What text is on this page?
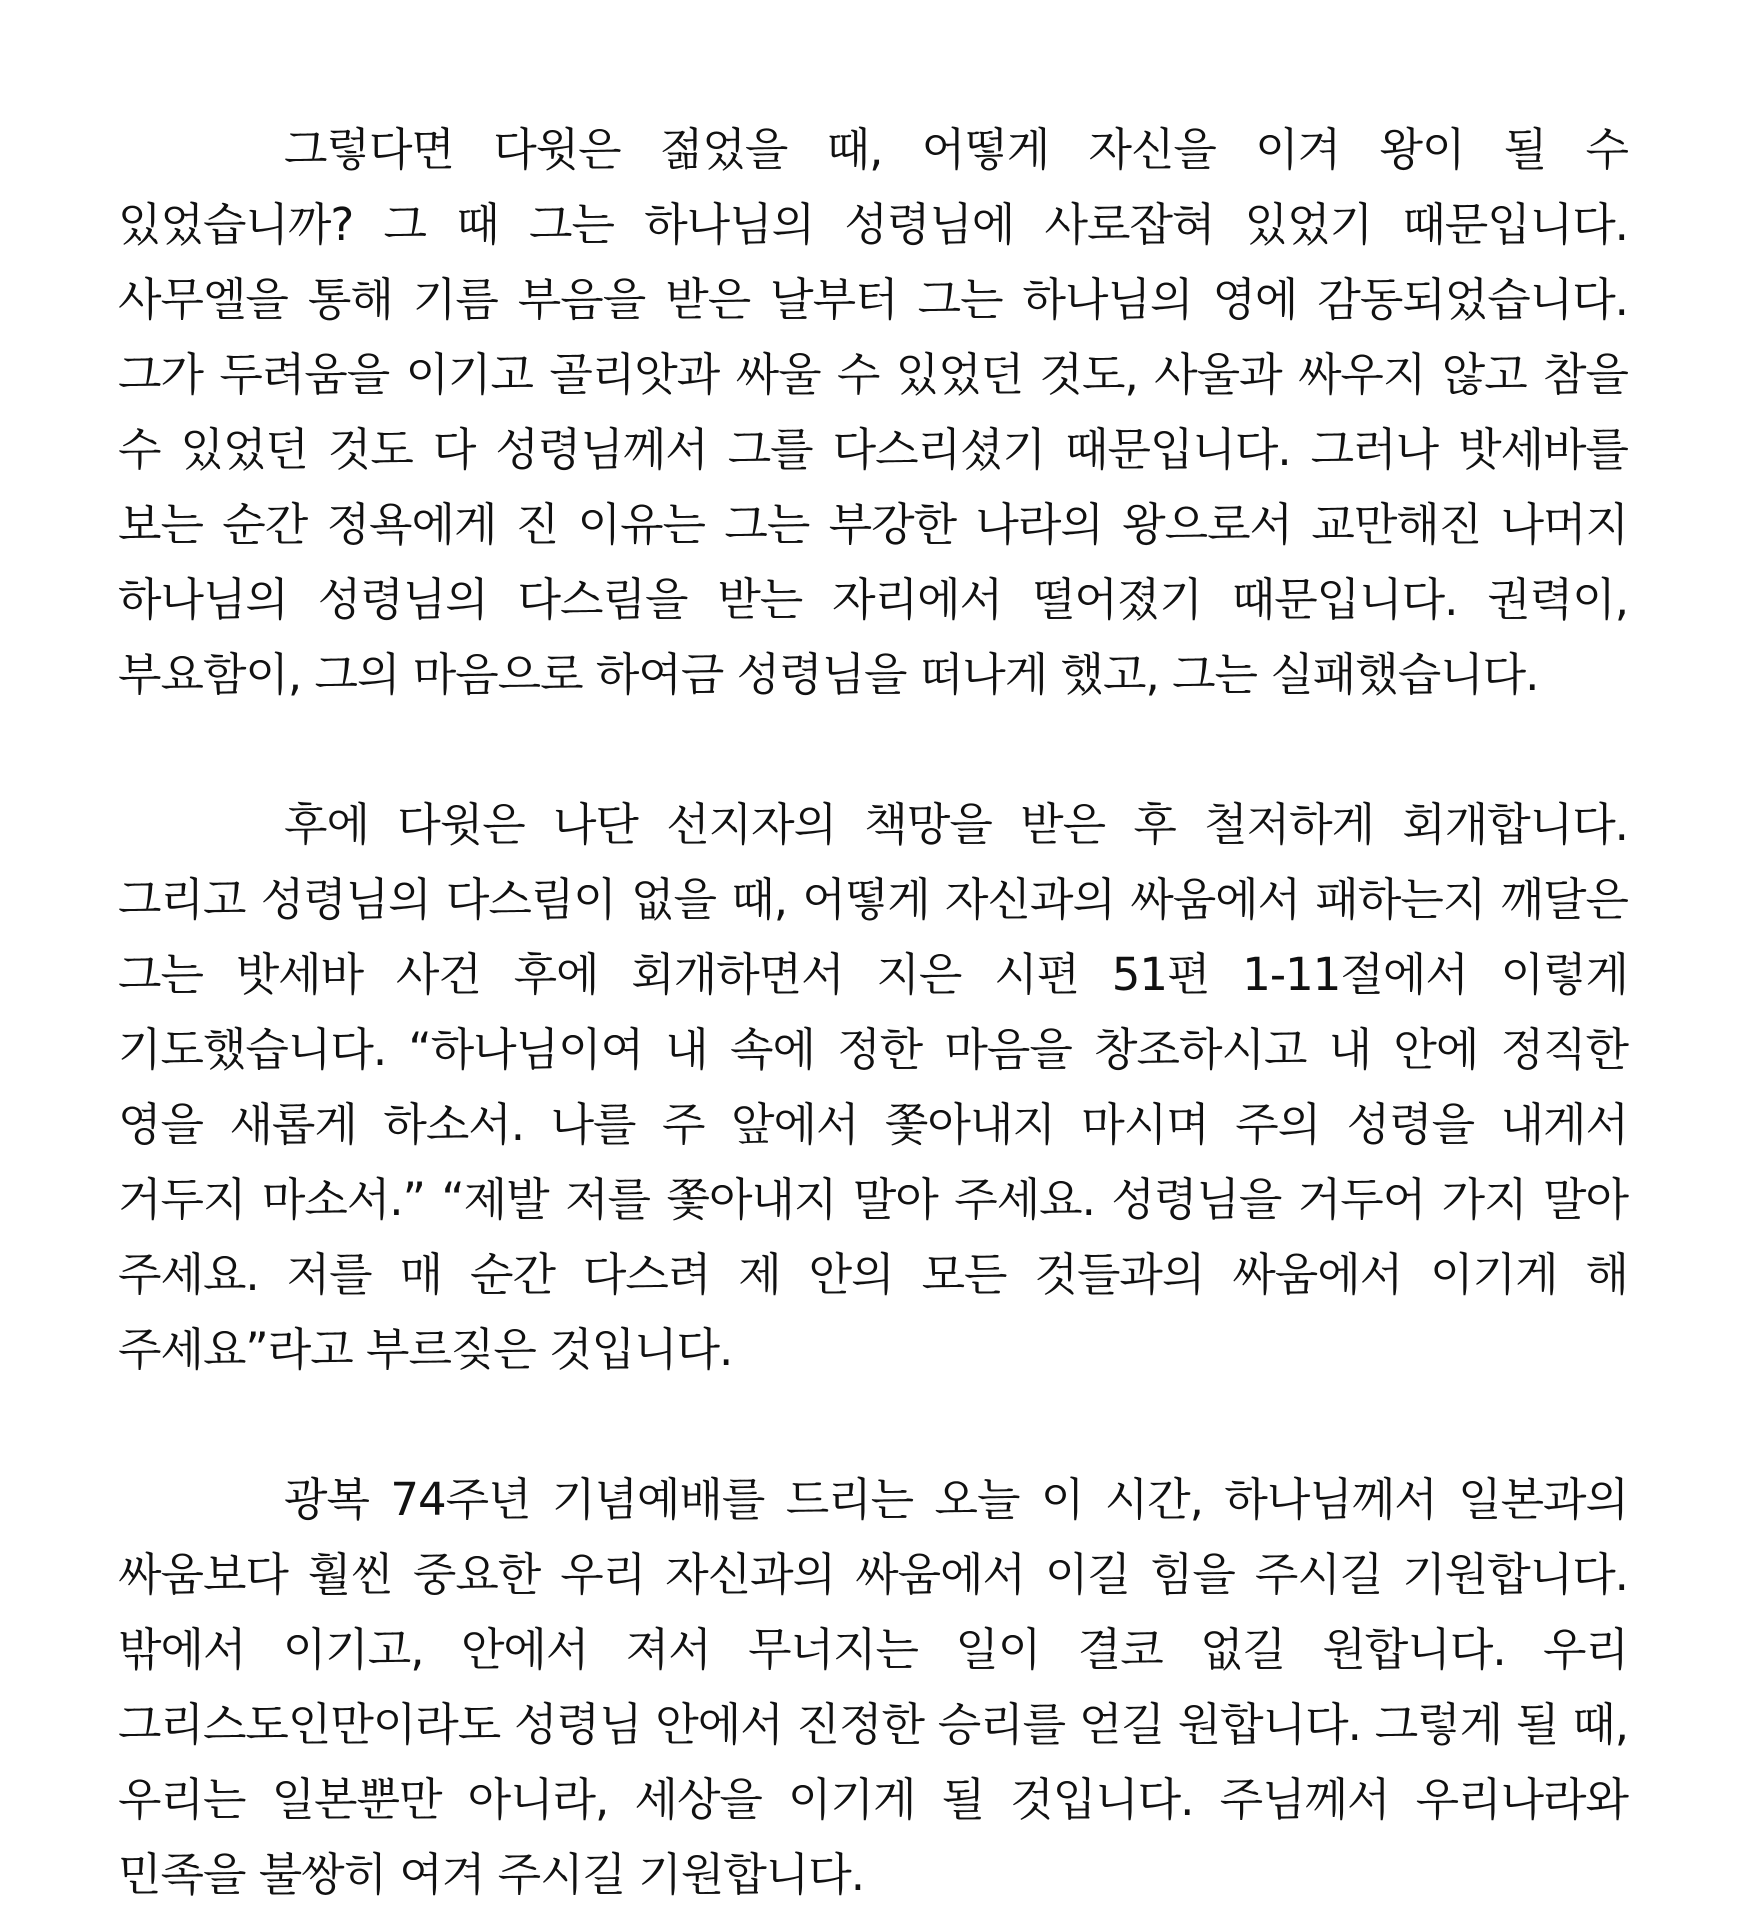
그렇다면 다윗은 젊었을 때, 어떻게 자신을 이겨 왕이 될 수 있었습니까? 그 때 그는 하나님의 성령님에 사로잡혀 있었기 때문입니다. 사무엘을 통해 기름 부음을 받은 날부터 그는 하나님의 영에 감동되었습니다. 그가 두려움을 이기고 골리앗과 싸울 수 있었던 것도, 사울과 싸우지 않고 참을 수 있었던 것도 다 성령님께서 그를 다스리셨기 때문입니다. 그러나 밧세바를 보는 순간 정욕에게 진 이유는 그는 부강한 나라의 왕으로서 교만해진 나머지 하나님의 성령님의 다스림을 받는 자리에서 떨어졌기 때문입니다. 권력이, 부요함이, 그의 마음으로 하여금 성령님을 떠나게 했고, 그는 실패했습니다.

후에 다윗은 나단 선지자의 책망을 받은 후 철저하게 회개합니다. 그리고 성령님의 다스림이 없을 때, 어떻게 자신과의 싸움에서 패하는지 깨달은 그는 밧세바 사건 후에 회개하면서 지은 시편 51편 1-11절에서 이렇게 기도했습니다. “하나님이여 내 속에 정한 마음을 창조하시고 내 안에 정직한 영을 새롭게 하소서. 나를 주 앞에서 쫓아내지 마시며 주의 성령을 내게서 거두지 마소서.” “제발 저를 쫓아내지 말아 주세요. 성령님을 거두어 가지 말아 주세요. 저를 매 순간 다스려 제 안의 모든 것들과의 싸움에서 이기게 해 주세요”라고 부르짖은 것입니다.

광복 74주년 기념예배를 드리는 오늘 이 시간, 하나님께서 일본과의 싸움보다 훨씬 중요한 우리 자신과의 싸움에서 이길 힘을 주시길 기원합니다. 밖에서 이기고, 안에서 져서 무너지는 일이 결코 없길 원합니다. 우리 그리스도인만이라도 성령님 안에서 진정한 승리를 얻길 원합니다. 그렇게 될 때, 우리는 일본뿐만 아니라, 세상을 이기게 될 것입니다. 주님께서 우리나라와 민족을 불쌍히 여겨 주시길 기원합니다.
